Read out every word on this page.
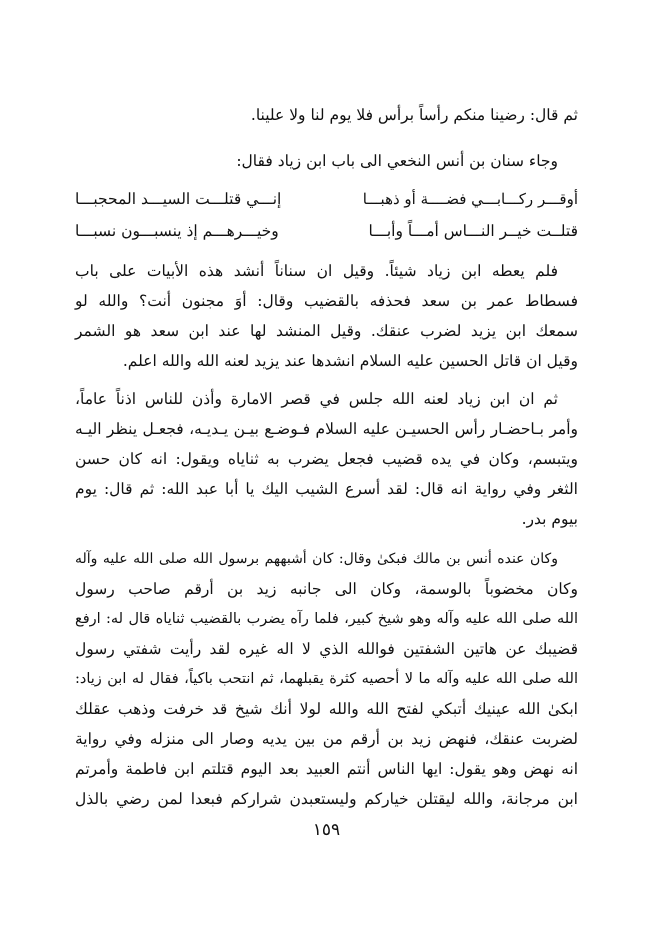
ثم قال: رضينا منكم رأساً برأس فلا يوم لنا ولا علينا.
وجاء سنان بن أنس النخعي الى باب ابن زياد فقال:
أوقـــر ركـــابـــي فضــــة أو ذهبـــا
إنـــي قتلـــت السيـــد المحجبـــا
قتلــت خيــر النـــاس أمـــاً وأبـــا
وخيـــرهـــم إذ ينسبـــون نسبـــا
فلم يعطه ابن زياد شيئاً. وقيل ان سناناً أنشد هذه الأبيات على باب
فسطاط عمر بن سعد فحذفه بالقضيب وقال: أوَ مجنون أنت؟ والله لو
سمعك ابن يزيد لضرب عنقك. وقيل المنشد لها عند ابن سعد هو الشمر
وقيل ان قاتل الحسين عليه السلام انشدها عند يزيد لعنه الله والله اعلم.
ثم ان ابن زياد لعنه الله جلس في قصر الامارة وأذن للناس اذناً عاماً،
وأمر بـاحضـار رأس الحسيـن عليه السلام فـوضـع بيـن يـديـه، فجعـل ينظر اليـه
ويتبسم، وكان في يده قضيب فجعل يضرب به ثناياه ويقول: انه كان حسن
الثغر وفي رواية انه قال: لقد أسرع الشيب اليك يا أبا عبد الله: ثم قال: يوم
بيوم بدر.
وكان عنده أنس بن مالك فبكىٰ وقال: كان أشبههم برسول الله صلى الله عليه وآله
وكان مخضوباً بالوسمة، وكان الى جانبه زيد بن أرقم صاحب رسول
الله صلى الله عليه وآله وهو شيخ كبير، فلما رآه يضرب بالقضيب ثناياه قال له: ارفع
قضيبك عن هاتين الشفتين فوالله الذي لا اله غيره لقد رأيت شفتي رسول
الله صلى الله عليه وآله ما لا أحصيه كثرة يقبلهما، ثم انتحب باكياً، فقال له ابن زياد:
ابكىٰ الله عينيك أتبكي لفتح الله والله لولا أنك شيخ قد خرفت وذهب عقلك
لضربت عنقك، فنهض زيد بن أرقم من بين يديه وصار الى منزله وفي رواية
انه نهض وهو يقول: ايها الناس أنتم العبيد بعد اليوم قتلتم ابن فاطمة وأمرتم
ابن مرجانة، والله ليقتلن خياركم وليستعبدن شراركم فبعدا لمن رضي بالذل
١٥٩
